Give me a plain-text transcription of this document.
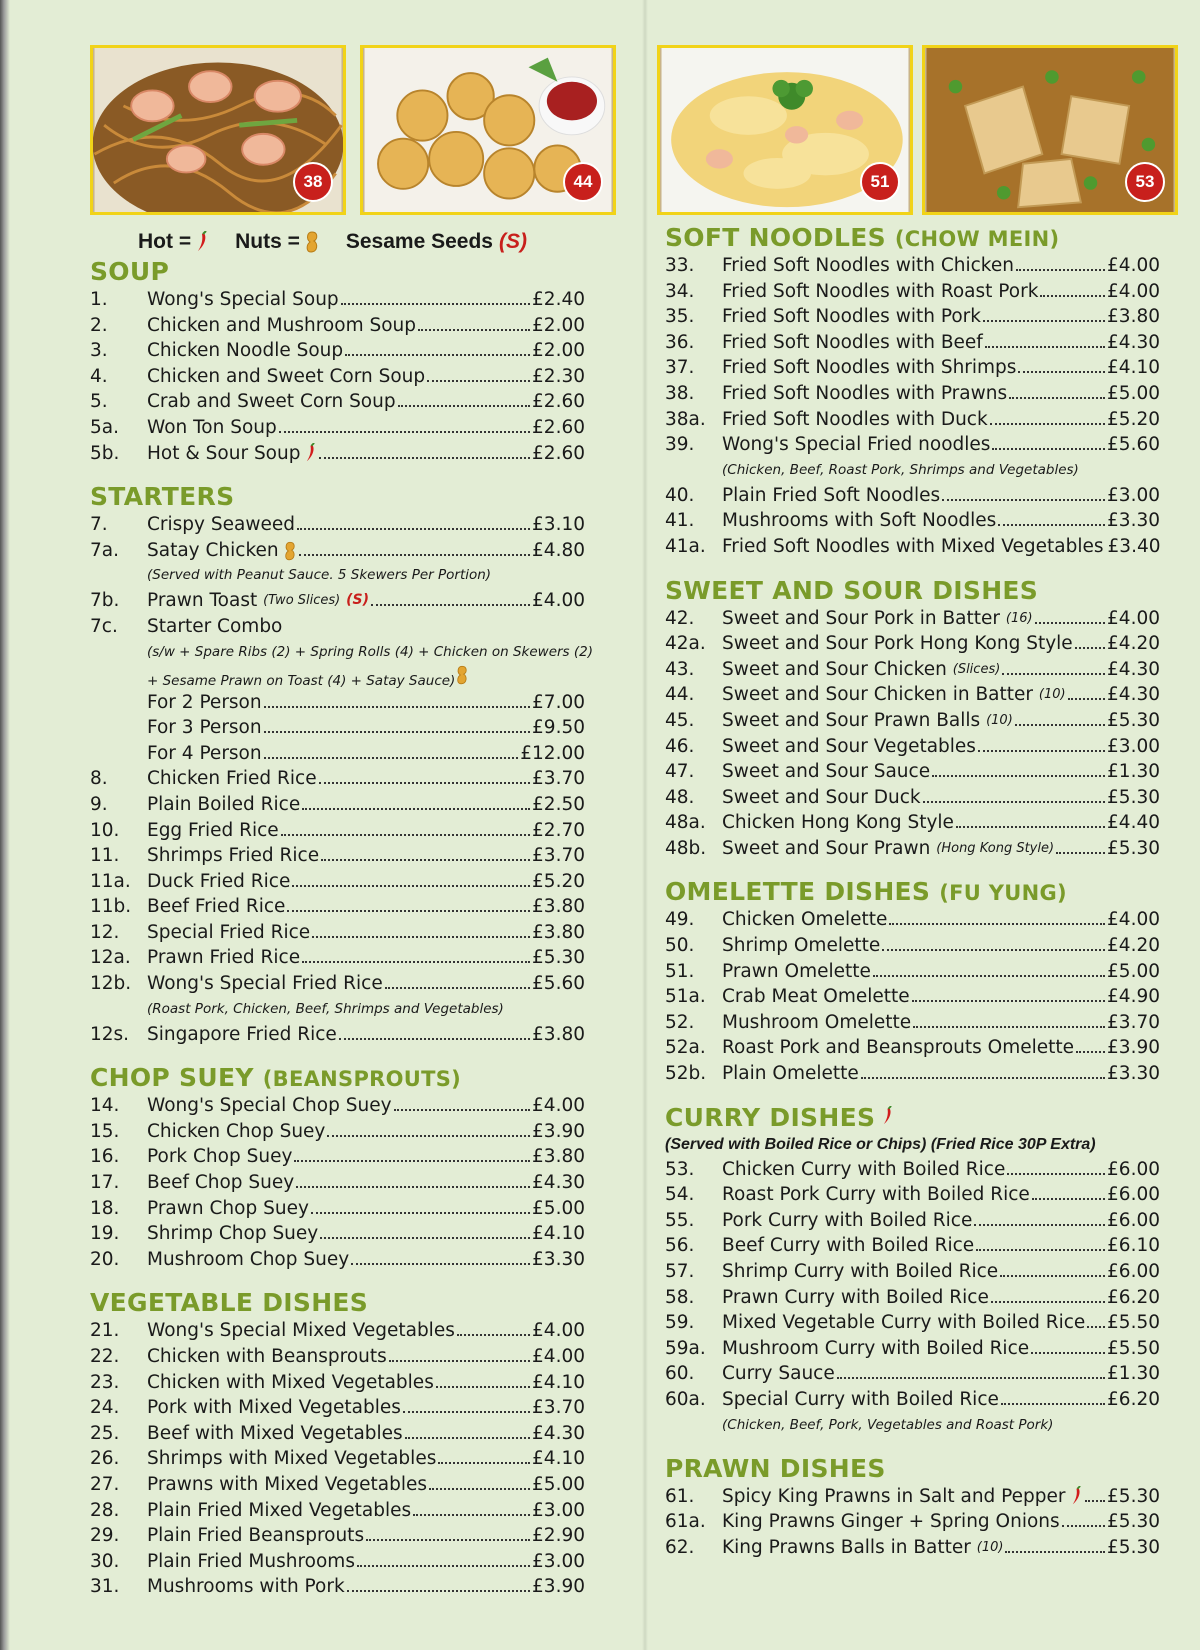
38	44	51	53
Hot = Nuts = Sesame Seeds (S)
SOUP
1.	Wong's Special Soup	£2.40
2.	Chicken and Mushroom Soup	£2.00
3.	Chicken Noodle Soup	£2.00
4.	Chicken and Sweet Corn Soup	£2.30
5.	Crab and Sweet Corn Soup	£2.60
5a.	Won Ton Soup	£2.60
5b.	Hot & Sour Soup	£2.60
STARTERS
7.	Crispy Seaweed	£3.10
7a.	Satay Chicken	£4.80
(Served with Peanut Sauce. 5 Skewers Per Portion)
7b.	Prawn Toast
(Two Slices)
(S)	£4.00
7c.	Starter Combo
(s/w + Spare Ribs (2) + Spring Rolls (4) + Chicken on Skewers (2)
+ Sesame Prawn on Toast (4) + Satay Sauce)
For 2 Person	£7.00
For 3 Person	£9.50
For 4 Person	£12.00
8.	Chicken Fried Rice	£3.70
9.	Plain Boiled Rice	£2.50
10.	Egg Fried Rice	£2.70
11.	Shrimps Fried Rice	£3.70
11a. Duck Fried Rice	£5.20
11b. Beef Fried Rice	£3.80
12.	Special Fried Rice	£3.80
12a. Prawn Fried Rice	£5.30
12b. Wong's Special Fried Rice	£5.60
(Roast Pork, Chicken, Beef, Shrimps and Vegetables)
12s. Singapore Fried Rice	£3.80
CHOP SUEY (BEANSPROUTS)
14.	Wong's Special Chop Suey	£4.00
15.	Chicken Chop Suey	£3.90
16.	Pork Chop Suey	£3.80
17.	Beef Chop Suey	£4.30
18.	Prawn Chop Suey	£5.00
19.	Shrimp Chop Suey	£4.10
20.	Mushroom Chop Suey	£3.30
VEGETABLE DISHES
21.	Wong's Special Mixed Vegetables	£4.00
22.	Chicken with Beansprouts	£4.00
23.	Chicken with Mixed Vegetables	£4.10
24.	Pork with Mixed Vegetables	£3.70
25.	Beef with Mixed Vegetables	£4.30
26.	Shrimps with Mixed Vegetables	£4.10
27.	Prawns with Mixed Vegetables	£5.00
28.	Plain Fried Mixed Vegetables	£3.00
29.	Plain Fried Beansprouts	£2.90
30.	Plain Fried Mushrooms	£3.00
31.	Mushrooms with Pork	£3.90
SOFT NOODLES (CHOW MEIN)
33.	Fried Soft Noodles with Chicken	£4.00
34.	Fried Soft Noodles with Roast Pork	£4.00
35.	Fried Soft Noodles with Pork	£3.80
36.	Fried Soft Noodles with Beef	£4.30
37.	Fried Soft Noodles with Shrimps	£4.10
38.	Fried Soft Noodles with Prawns	£5.00
38a. Fried Soft Noodles with Duck	£5.20
39.	Wong's Special Fried noodles	£5.60
(Chicken, Beef, Roast Pork, Shrimps and Vegetables)
40.	Plain Fried Soft Noodles	£3.00
41.	Mushrooms with Soft Noodles	£3.30
41a. Fried Soft Noodles with Mixed Vegetables £3.40
SWEET AND SOUR DISHES
42.	Sweet and Sour Pork in Batter
(16)	£4.00
42a. Sweet and Sour Pork Hong Kong Style £4.20
43.	Sweet and Sour Chicken
(Slices)	£4.30
44.	Sweet and Sour Chicken in Batter
(10) £4.30
45.	Sweet and Sour Prawn Balls
(10)	£5.30
46.	Sweet and Sour Vegetables	£3.00
47.	Sweet and Sour Sauce	£1.30
48.	Sweet and Sour Duck	£5.30
48a. Chicken Hong Kong Style	£4.40
48b. Sweet and Sour Prawn
(Hong Kong Style)	£5.30
OMELETTE DISHES (FU YUNG)
49.	Chicken Omelette	£4.00
50.	Shrimp Omelette	£4.20
51.	Prawn Omelette	£5.00
51a. Crab Meat Omelette	£4.90
52.	Mushroom Omelette	£3.70
52a. Roast Pork and Beansprouts Omelette £3.90
52b. Plain Omelette	£3.30
CURRY DISHES
(Served with Boiled Rice or Chips) (Fried Rice 30P Extra)
53.	Chicken Curry with Boiled Rice	£6.00
54.	Roast Pork Curry with Boiled Rice	£6.00
55.	Pork Curry with Boiled Rice	£6.00
56.	Beef Curry with Boiled Rice	£6.10
57.	Shrimp Curry with Boiled Rice	£6.00
58.	Prawn Curry with Boiled Rice	£6.20
59.	Mixed Vegetable Curry with Boiled Rice £5.50
59a. Mushroom Curry with Boiled Rice	£5.50
60.	Curry Sauce	£1.30
60a. Special Curry with Boiled Rice	£6.20
(Chicken, Beef, Pork, Vegetables and Roast Pork)
PRAWN DISHES
61.	Spicy King Prawns in Salt and Pepper £5.30
61a. King Prawns Ginger + Spring Onions	£5.30
62.	King Prawns Balls in Batter
(10)	£5.30
